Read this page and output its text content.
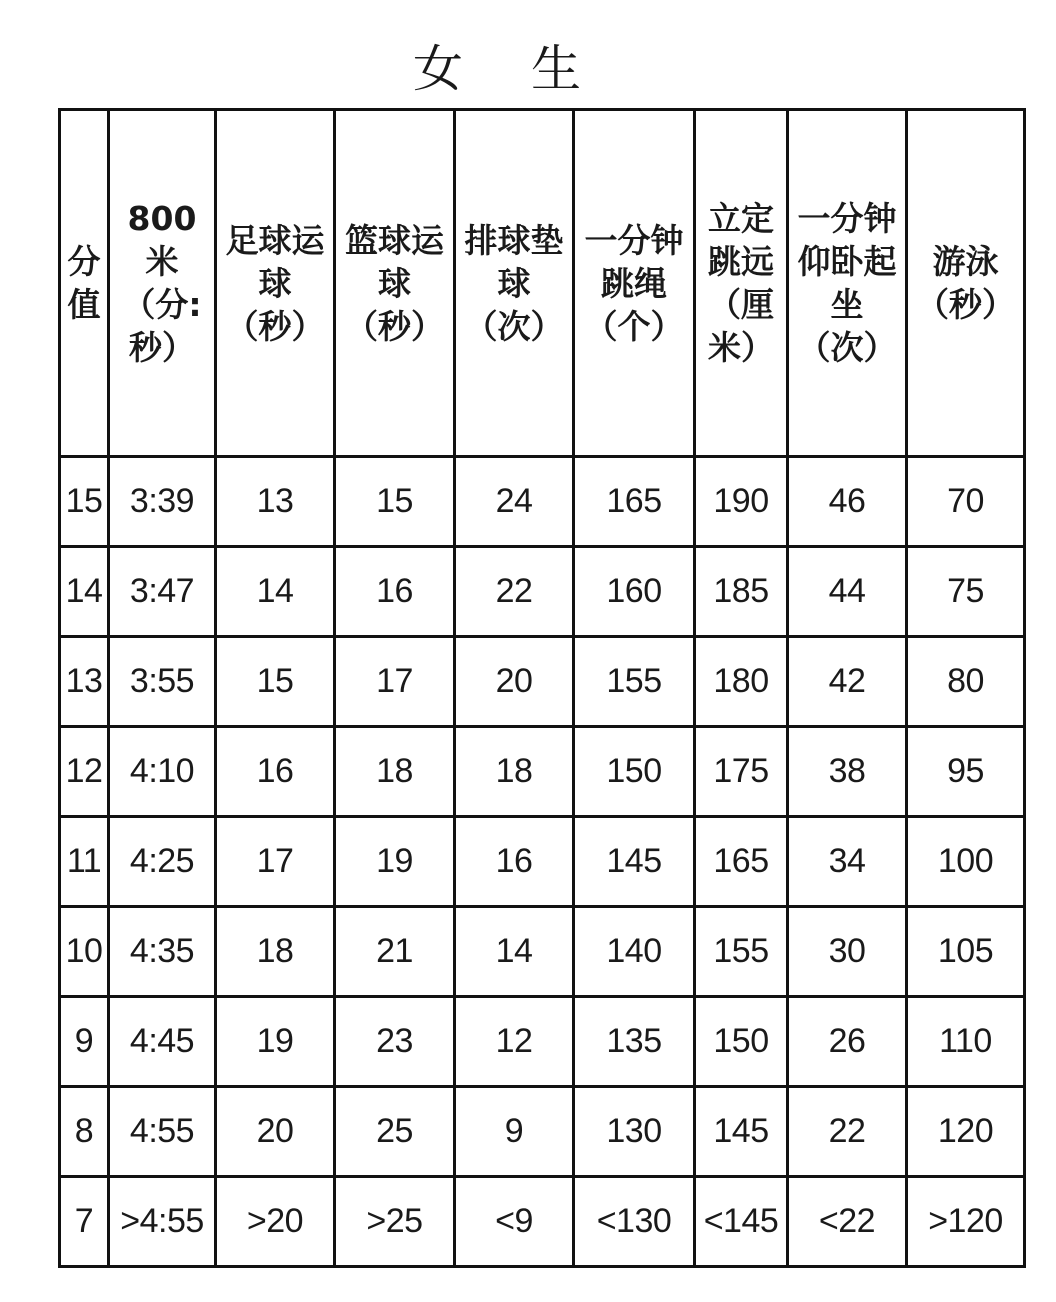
女 生
分值	800米（分:秒）	足球运球（秒）	篮球运球（秒）	排球垫球（次）	一分钟跳绳（个）	立定跳远（厘米）	一分钟仰卧起坐（次）	游泳（秒）

15	3:39	13	15	24	165	190	46	70
14	3:47	14	16	22	160	185	44	75
13	3:55	15	17	20	155	180	42	80
12	4:10	16	18	18	150	175	38	95
11	4:25	17	19	16	145	165	34	100
10	4:35	18	21	14	140	155	30	105
9	4:45	19	23	12	135	150	26	110
8	4:55	20	25	9	130	145	22	120
7	>4:55	>20	>25	<9	<130	<145	<22	>120
